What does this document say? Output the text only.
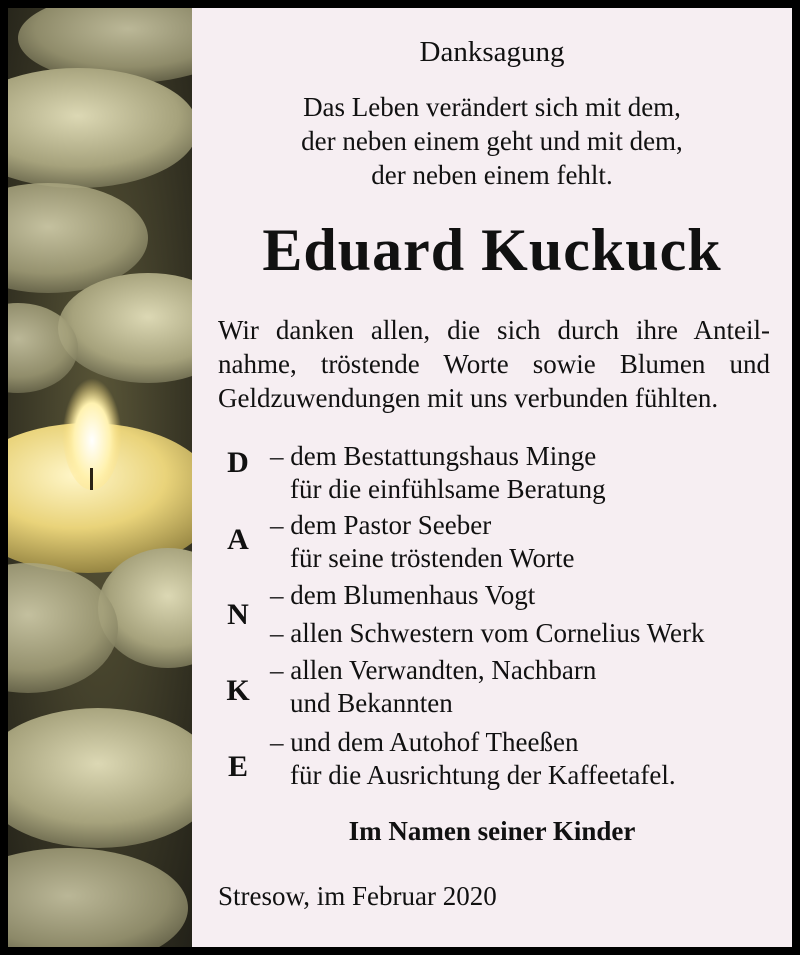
Danksagung
Das Leben verändert sich mit dem,
der neben einem geht und mit dem,
der neben einem fehlt.
Eduard Kuckuck
Wir danken allen, die sich durch ihre Anteil-
nahme, tröstende Worte sowie Blumen und
Geldzuwendungen mit uns verbunden fühlten.
D
A
N
K
E
– dem Bestattungshaus Minge
für die einfühlsame Beratung
– dem Pastor Seeber
für seine tröstenden Worte
– dem Blumenhaus Vogt
– allen Schwestern vom Cornelius Werk
– allen Verwandten, Nachbarn
und Bekannten
– und dem Autohof Theeßen
für die Ausrichtung der Kaffeetafel.
Im Namen seiner Kinder
Stresow, im Februar 2020
